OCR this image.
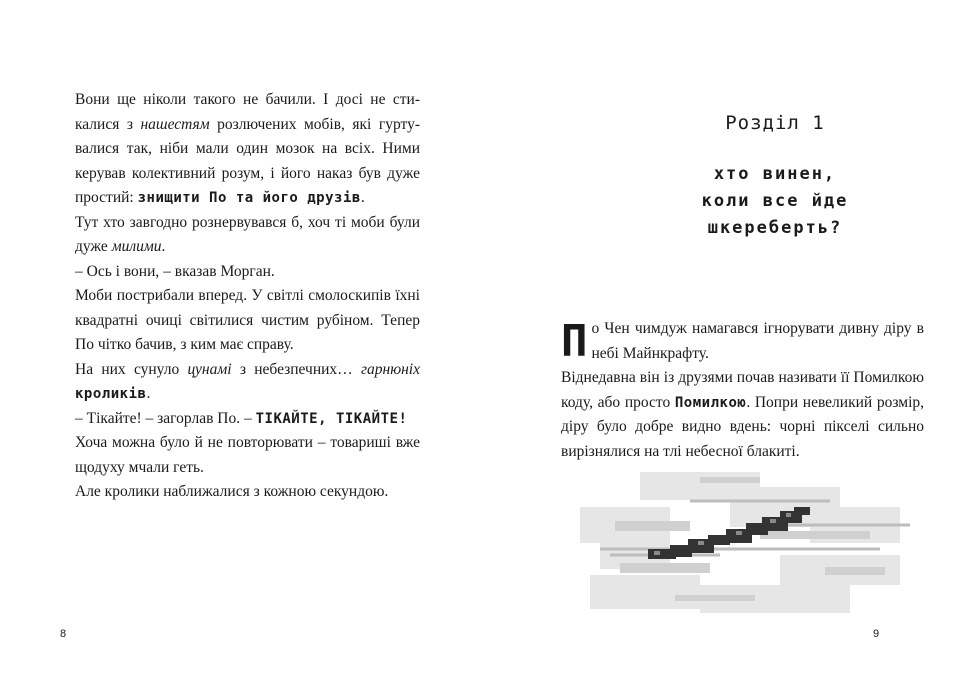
Вони ще ніколи такого не бачили. І досі не стикалися з нашестям розлючених мобів, які гуртувалися так, ніби мали один мозок на всіх. Ними керував колективний розум, і його наказ був дуже простий: знищити По та його друзів.

Тут хто завгодно рознервувався б, хоч ті моби були дуже милими.

– Ось і вони, – вказав Морган.

Моби пострибали вперед. У світлі смолоскипів їхні квадратні очиці світилися чистим рубіном. Тепер По чітко бачив, з ким має справу.

На них сунуло цунамі з небезпечних… гарнюніх кроликів.

– Тікайте! – загорлав По. – ТІКАЙТЕ, ТІКАЙТЕ!

Хоча можна було й не повторювати – товариші вже щодуху мчали геть.

Але кролики наближалися з кожною секундою.

8
Розділ 1
хто винен,
коли все йде
шкереберть?
П о Чен чимдуж намагався ігнорувати дивну діру в небі Майнкрафту.

Віднедавна він із друзями почав називати її Помилкою коду, або просто Помилкою. Попри невеликий розмір, діру було добре видно вдень: чорні пікселі сильно вирізнялися на тлі небесної блакиті.

9
